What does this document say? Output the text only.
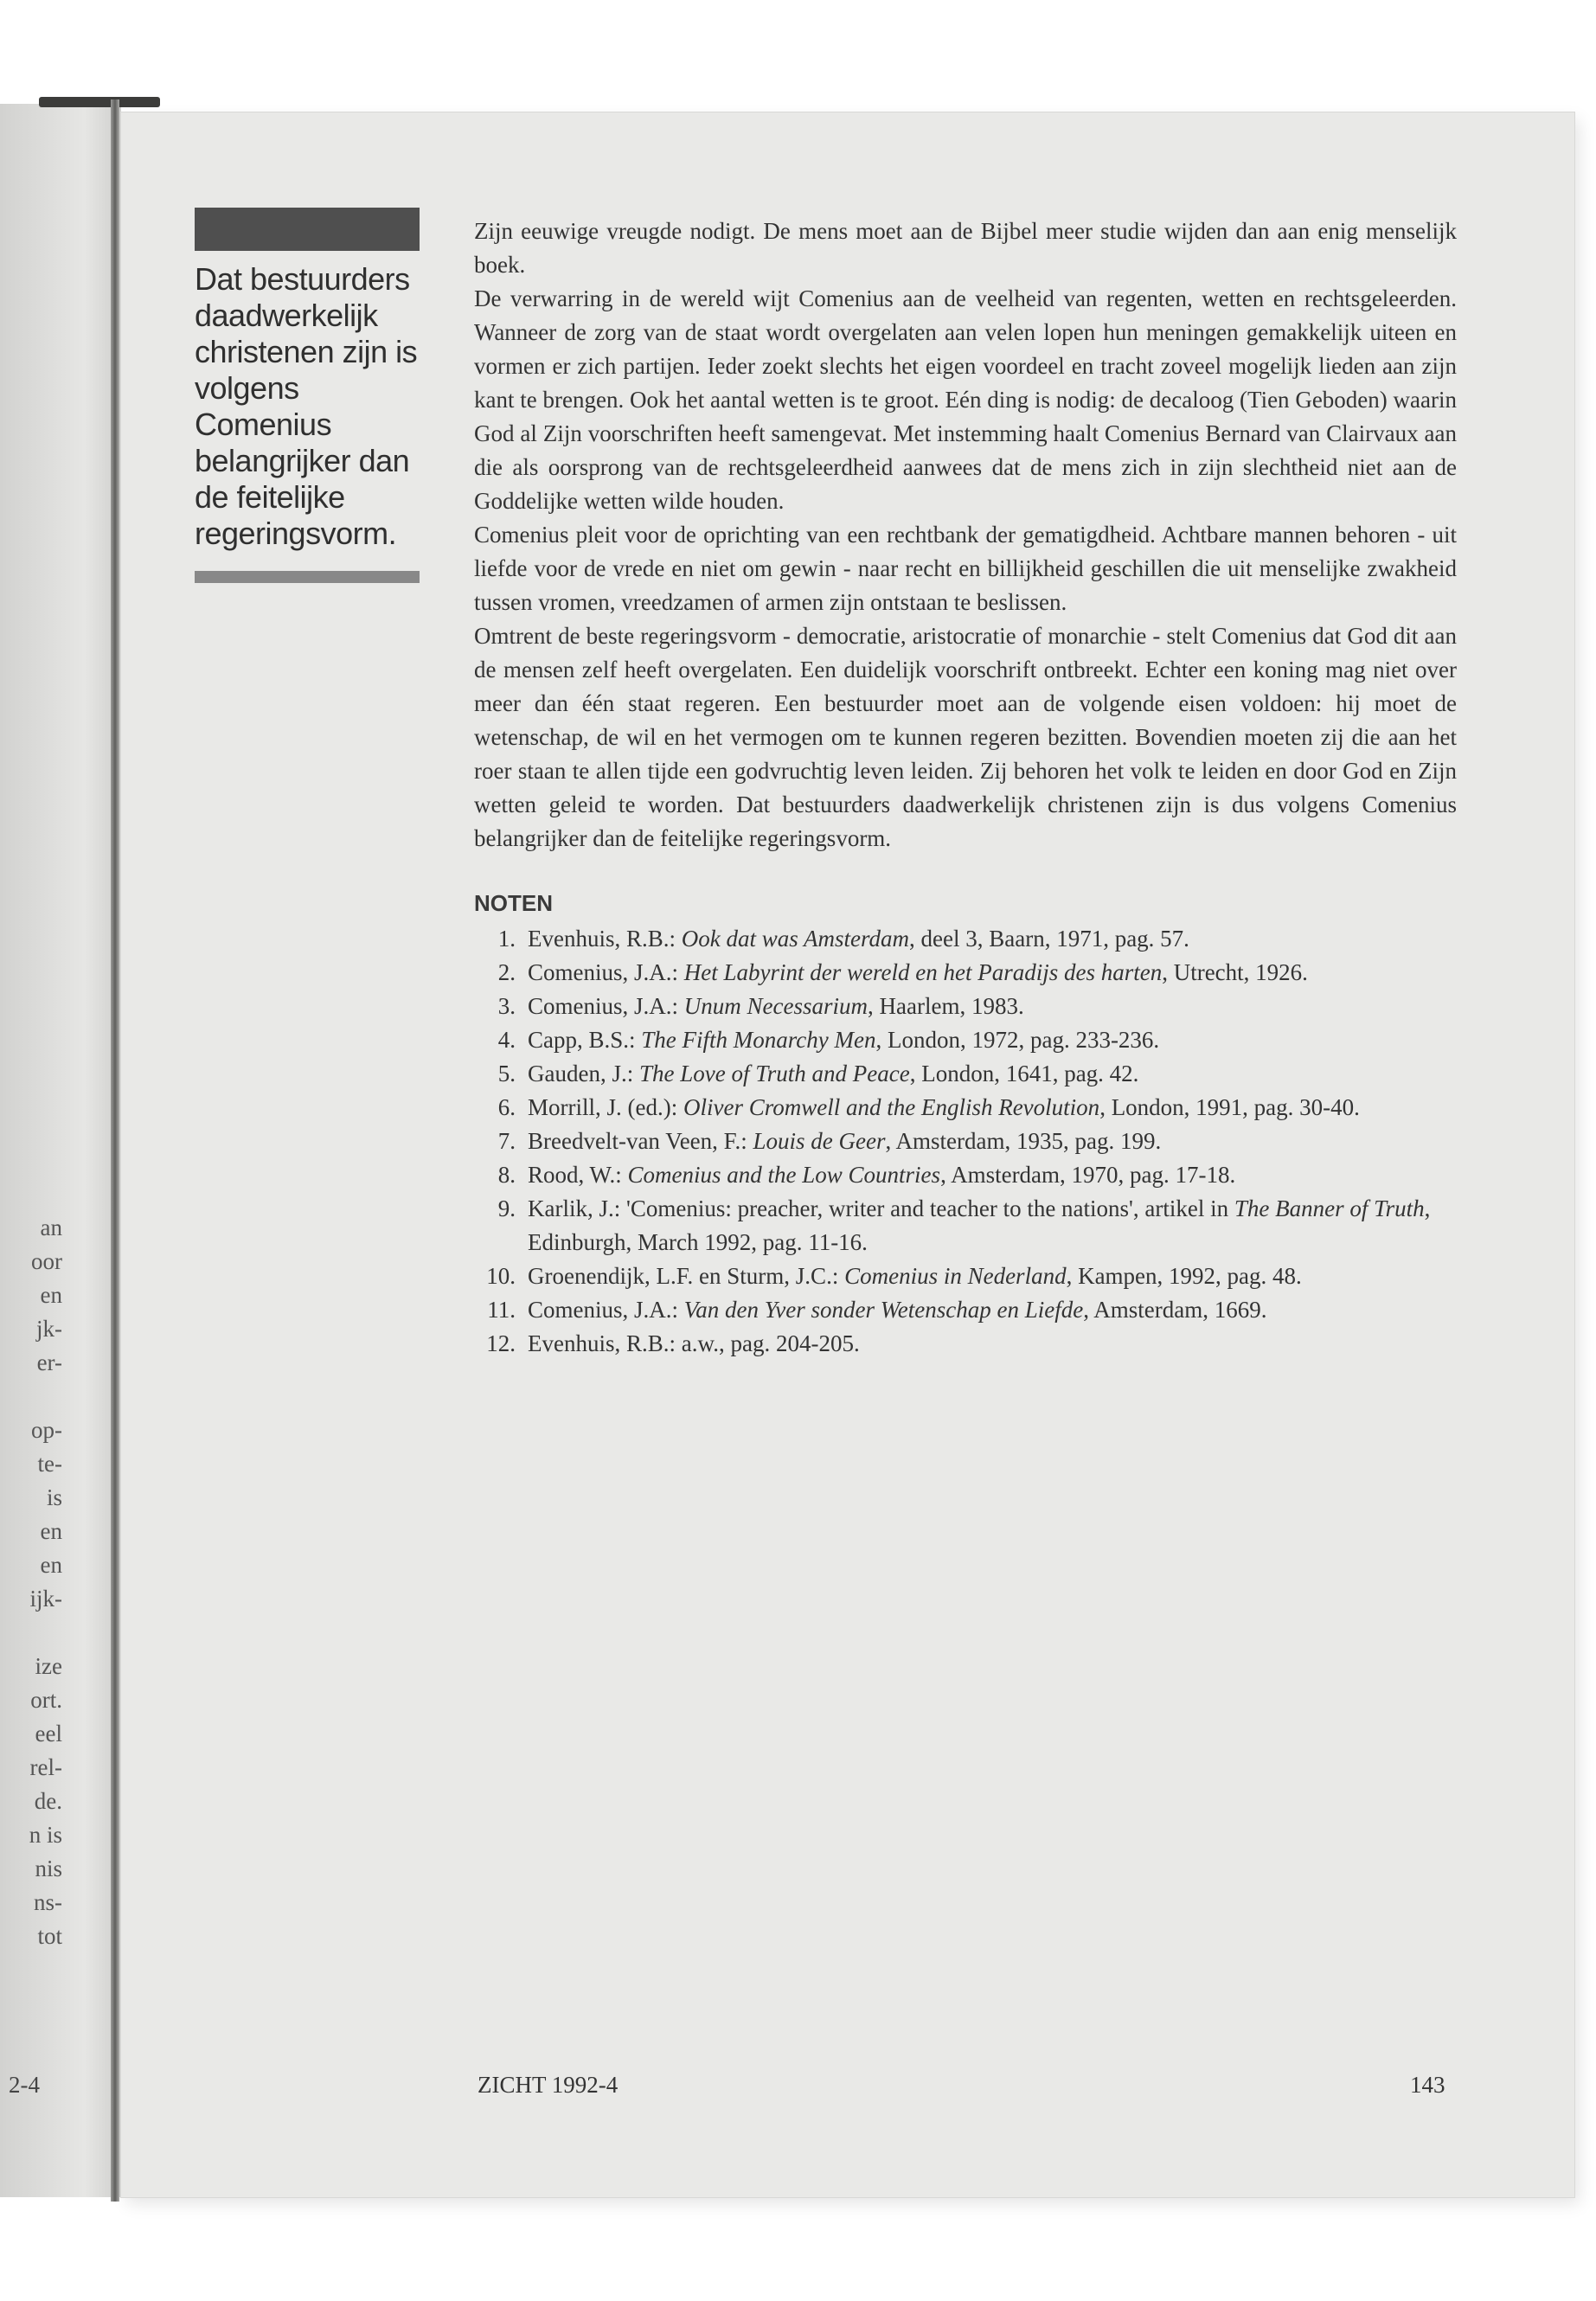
an
oor
en
jk-
er-

op-
te-
is
en
en
ijk-

ize
ort.
eel
rel-
de.
n is
nis
ns-
tot
2-4
Dat bestuurders daadwerkelijk christenen zijn is volgens Comenius belangrijker dan de feitelijke regeringsvorm.

Zijn eeuwige vreugde nodigt. De mens moet aan de Bijbel meer studie wijden dan aan enig menselijk boek.

De verwarring in de wereld wijt Comenius aan de veelheid van regenten, wetten en rechtsgeleerden. Wanneer de zorg van de staat wordt overgelaten aan velen lopen hun meningen gemakkelijk uiteen en vormen er zich partijen. Ieder zoekt slechts het eigen voordeel en tracht zoveel mogelijk lieden aan zijn kant te brengen. Ook het aantal wetten is te groot. Eén ding is nodig: de decaloog (Tien Geboden) waarin God al Zijn voorschriften heeft samengevat. Met instemming haalt Comenius Bernard van Clairvaux aan die als oorsprong van de rechtsgeleerdheid aanwees dat de mens zich in zijn slechtheid niet aan de Goddelijke wetten wilde houden.

Comenius pleit voor de oprichting van een rechtbank der gematigdheid. Achtbare mannen behoren - uit liefde voor de vrede en niet om gewin - naar recht en billijkheid geschillen die uit menselijke zwakheid tussen vromen, vreedzamen of armen zijn ontstaan te beslissen.

Omtrent de beste regeringsvorm - democratie, aristocratie of monarchie - stelt Comenius dat God dit aan de mensen zelf heeft overgelaten. Een duidelijk voorschrift ontbreekt. Echter een koning mag niet over meer dan één staat regeren. Een bestuurder moet aan de volgende eisen voldoen: hij moet de wetenschap, de wil en het vermogen om te kunnen regeren bezitten. Bovendien moeten zij die aan het roer staan te allen tijde een godvruchtig leven leiden. Zij behoren het volk te leiden en door God en Zijn wetten geleid te worden. Dat bestuurders daadwerkelijk christenen zijn is dus volgens Comenius belangrijker dan de feitelijke regeringsvorm.

NOTEN
1. Evenhuis, R.B.: Ook dat was Amsterdam, deel 3, Baarn, 1971, pag. 57.
2. Comenius, J.A.: Het Labyrint der wereld en het Paradijs des harten, Utrecht, 1926.
3. Comenius, J.A.: Unum Necessarium, Haarlem, 1983.
4. Capp, B.S.: The Fifth Monarchy Men, London, 1972, pag. 233-236.
5. Gauden, J.: The Love of Truth and Peace, London, 1641, pag. 42.
6. Morrill, J. (ed.): Oliver Cromwell and the English Revolution, London, 1991, pag. 30-40.
7. Breedvelt-van Veen, F.: Louis de Geer, Amsterdam, 1935, pag. 199.
8. Rood, W.: Comenius and the Low Countries, Amsterdam, 1970, pag. 17-18.
9. Karlik, J.: 'Comenius: preacher, writer and teacher to the nations', artikel in The Banner of Truth, Edinburgh, March 1992, pag. 11-16.
10. Groenendijk, L.F. en Sturm, J.C.: Comenius in Nederland, Kampen, 1992, pag. 48.
11. Comenius, J.A.: Van den Yver sonder Wetenschap en Liefde, Amsterdam, 1669.
12. Evenhuis, R.B.: a.w., pag. 204-205.
ZICHT 1992-4	143
